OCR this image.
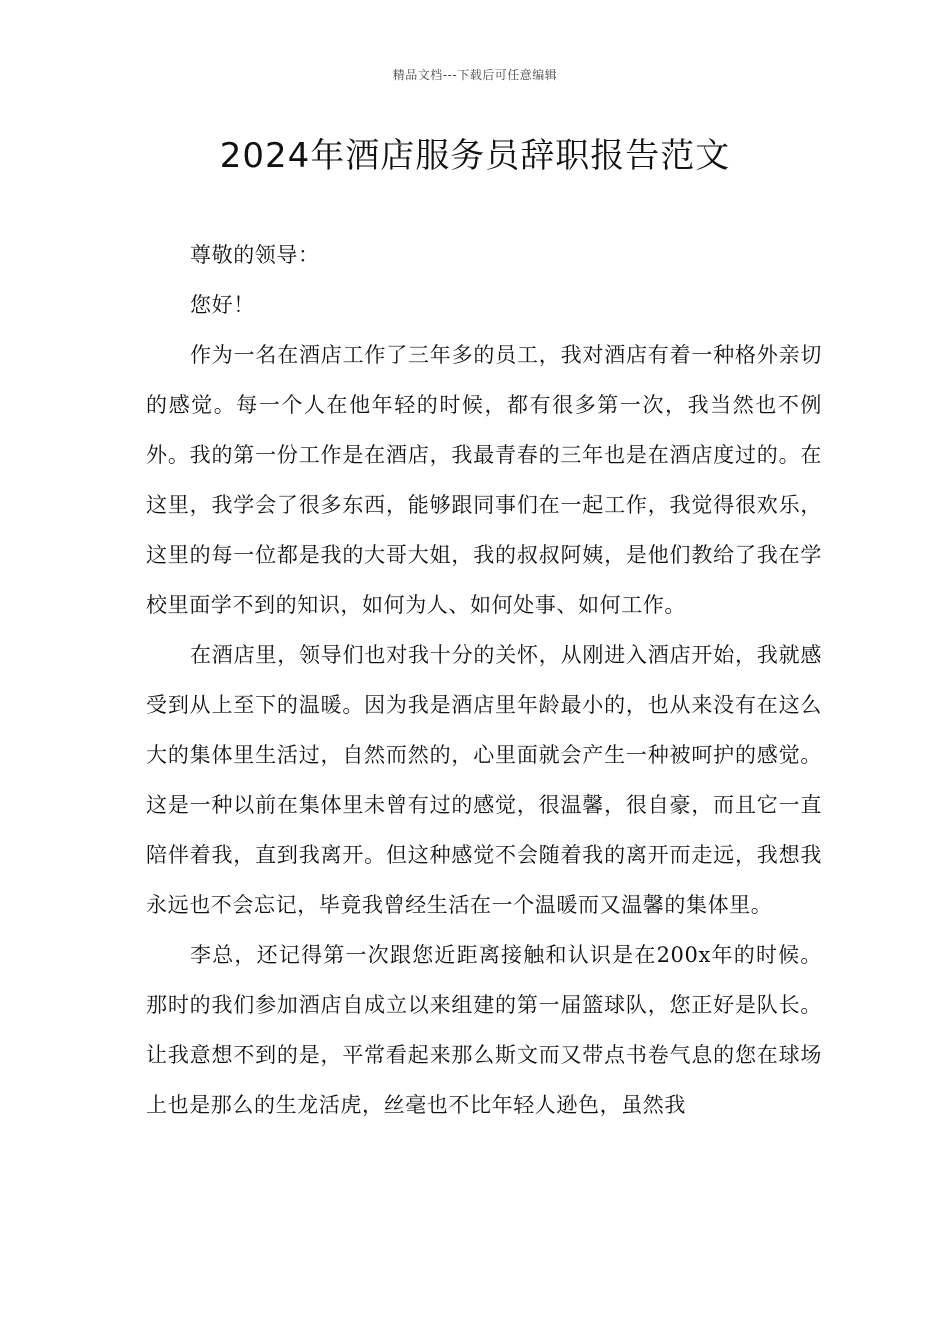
精品文档---下载后可任意编辑
2024年酒店服务员辞职报告范文

尊敬的领导：

您好！

作为一名在酒店工作了三年多的员工，我对酒店有着一种格外亲切的感觉。每一个人在他年轻的时候，都有很多第一次，我当然也不例外。我的第一份工作是在酒店，我最青春的三年也是在酒店度过的。在这里，我学会了很多东西，能够跟同事们在一起工作，我觉得很欢乐，这里的每一位都是我的大哥大姐，我的叔叔阿姨，是他们教给了我在学校里面学不到的知识，如何为人、如何处事、如何工作。

在酒店里，领导们也对我十分的关怀，从刚进入酒店开始，我就感受到从上至下的温暖。因为我是酒店里年龄最小的，也从来没有在这么大的集体里生活过，自然而然的，心里面就会产生一种被呵护的感觉。这是一种以前在集体里未曾有过的感觉，很温馨，很自豪，而且它一直陪伴着我，直到我离开。但这种感觉不会随着我的离开而走远，我想我永远也不会忘记，毕竟我曾经生活在一个温暖而又温馨的集体里。

李总，还记得第一次跟您近距离接触和认识是在200x年的时候。那时的我们参加酒店自成立以来组建的第一届篮球队，您正好是队长。让我意想不到的是，平常看起来那么斯文而又带点书卷气息的您在球场上也是那么的生龙活虎，丝毫也不比年轻人逊色，虽然我
